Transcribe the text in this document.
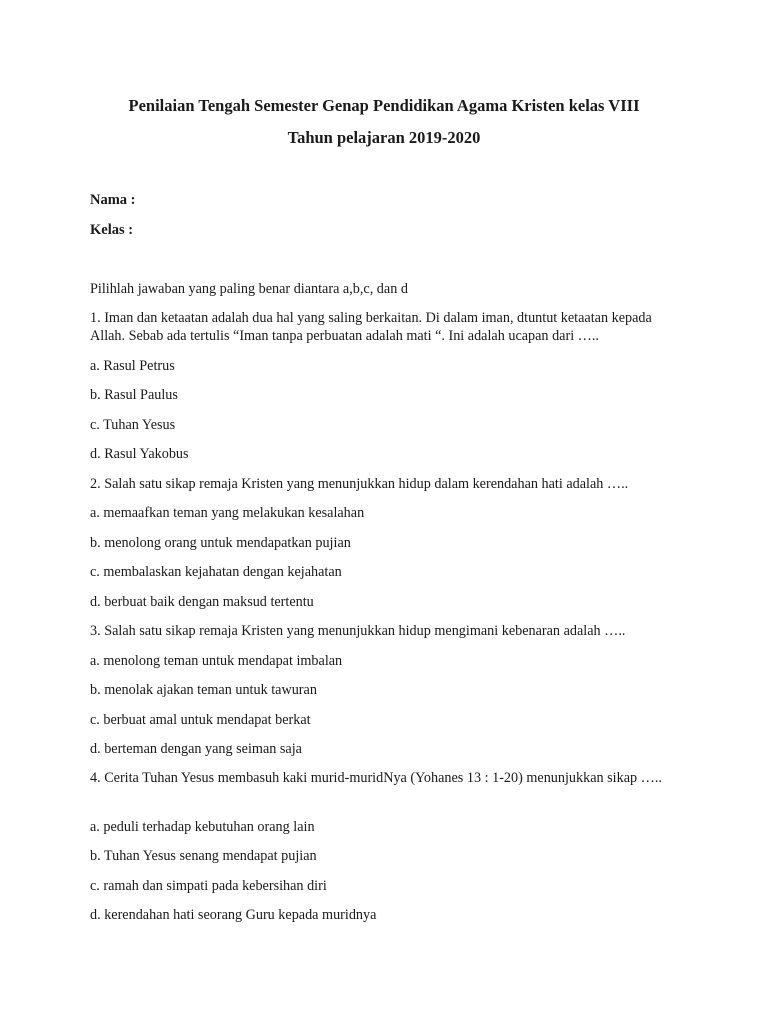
Penilaian Tengah Semester Genap Pendidikan Agama Kristen kelas VIII

Tahun pelajaran 2019-2020

Nama :

Kelas :

Pilihlah jawaban yang paling benar diantara a,b,c, dan d

1. Iman dan ketaatan adalah dua hal yang saling berkaitan. Di dalam iman, dtuntut ketaatan kepada Allah. Sebab ada tertulis “Iman tanpa perbuatan adalah mati “. Ini adalah ucapan dari …..

a. Rasul Petrus

b. Rasul Paulus

c. Tuhan Yesus

d. Rasul Yakobus

2. Salah satu sikap remaja Kristen yang menunjukkan hidup dalam kerendahan hati adalah …..

a. memaafkan teman yang melakukan kesalahan

b. menolong orang untuk mendapatkan pujian

c. membalaskan kejahatan dengan kejahatan

d. berbuat baik dengan maksud tertentu

3. Salah satu sikap remaja Kristen yang menunjukkan hidup mengimani kebenaran adalah …..

a. menolong teman untuk mendapat imbalan

b. menolak ajakan teman untuk tawuran

c. berbuat amal untuk mendapat berkat

d. berteman dengan yang seiman saja

4. Cerita Tuhan Yesus membasuh kaki murid-muridNya (Yohanes 13 : 1-20) menunjukkan sikap …..

a. peduli terhadap kebutuhan orang lain

b. Tuhan Yesus senang mendapat pujian

c. ramah dan simpati pada kebersihan diri

d. kerendahan hati seorang Guru kepada muridnya
